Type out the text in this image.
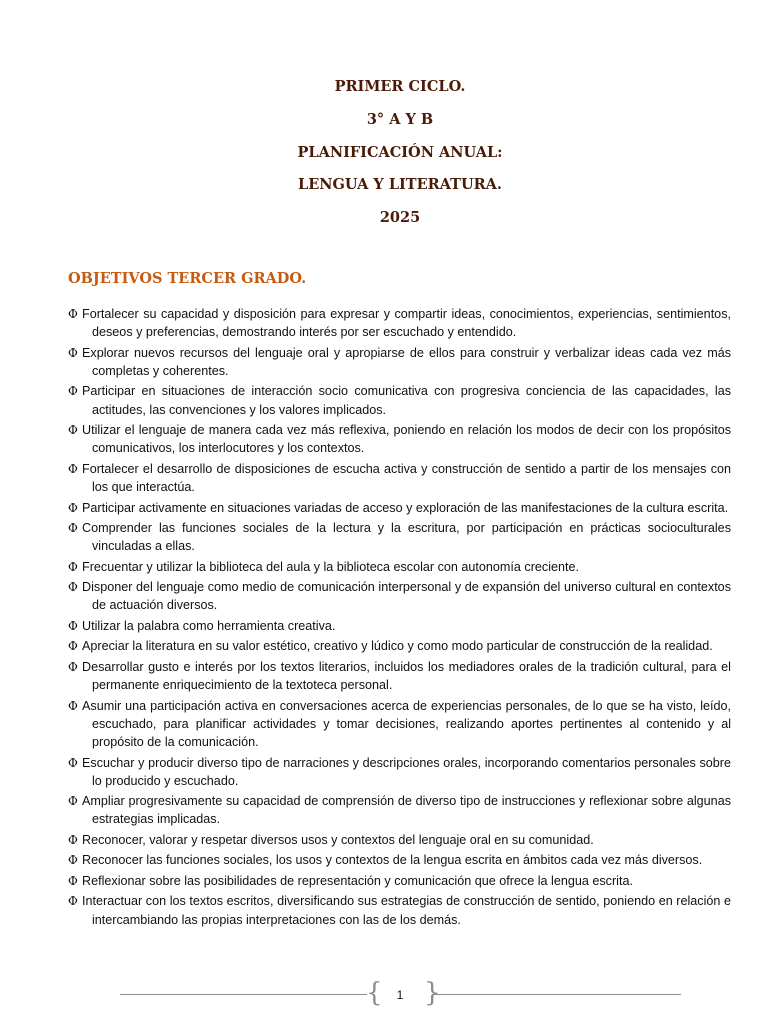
PRIMER CICLO.
3° A Y B
PLANIFICACIÓN ANUAL:
LENGUA Y LITERATURA.
2025
OBJETIVOS TERCER GRADO.
Φ Fortalecer su capacidad y disposición para expresar y compartir ideas, conocimientos, experiencias, sentimientos, deseos y preferencias, demostrando interés por ser escuchado y entendido.
Φ Explorar nuevos recursos del lenguaje oral y apropiarse de ellos para construir y verbalizar ideas cada vez más completas y coherentes.
Φ Participar en situaciones de interacción socio comunicativa con progresiva conciencia de las capacidades, las actitudes, las convenciones y los valores implicados.
Φ Utilizar el lenguaje de manera cada vez más reflexiva, poniendo en relación los modos de decir con los propósitos comunicativos, los interlocutores y los contextos.
Φ Fortalecer el desarrollo de disposiciones de escucha activa y construcción de sentido a partir de los mensajes con los que interactúa.
Φ Participar activamente en situaciones variadas de acceso y exploración de las manifestaciones de la cultura escrita.
Φ Comprender las funciones sociales de la lectura y la escritura, por participación en prácticas socioculturales vinculadas a ellas.
Φ Frecuentar y utilizar la biblioteca del aula y la biblioteca escolar con autonomía creciente.
Φ Disponer del lenguaje como medio de comunicación interpersonal y de expansión del universo cultural en contextos de actuación diversos.
Φ Utilizar la palabra como herramienta creativa.
Φ Apreciar la literatura en su valor estético, creativo y lúdico y como modo particular de construcción de la realidad.
Φ Desarrollar gusto e interés por los textos literarios, incluidos los mediadores orales de la tradición cultural, para el permanente enriquecimiento de la textoteca personal.
Φ Asumir una participación activa en conversaciones acerca de experiencias personales, de lo que se ha visto, leído, escuchado, para planificar actividades y tomar decisiones, realizando aportes pertinentes al contenido y al propósito de la comunicación.
Φ Escuchar y producir diverso tipo de narraciones y descripciones orales, incorporando comentarios personales sobre lo producido y escuchado.
Φ Ampliar progresivamente su capacidad de comprensión de diverso tipo de instrucciones y reflexionar sobre algunas estrategias implicadas.
Φ Reconocer, valorar y respetar diversos usos y contextos del lenguaje oral en su comunidad.
Φ Reconocer las funciones sociales, los usos y contextos de la lengua escrita en ámbitos cada vez más diversos.
Φ Reflexionar sobre las posibilidades de representación y comunicación que ofrece la lengua escrita.
Φ Interactuar con los textos escritos, diversificando sus estrategias de construcción de sentido, poniendo en relación e intercambiando las propias interpretaciones con las de los demás.
{ }
1
